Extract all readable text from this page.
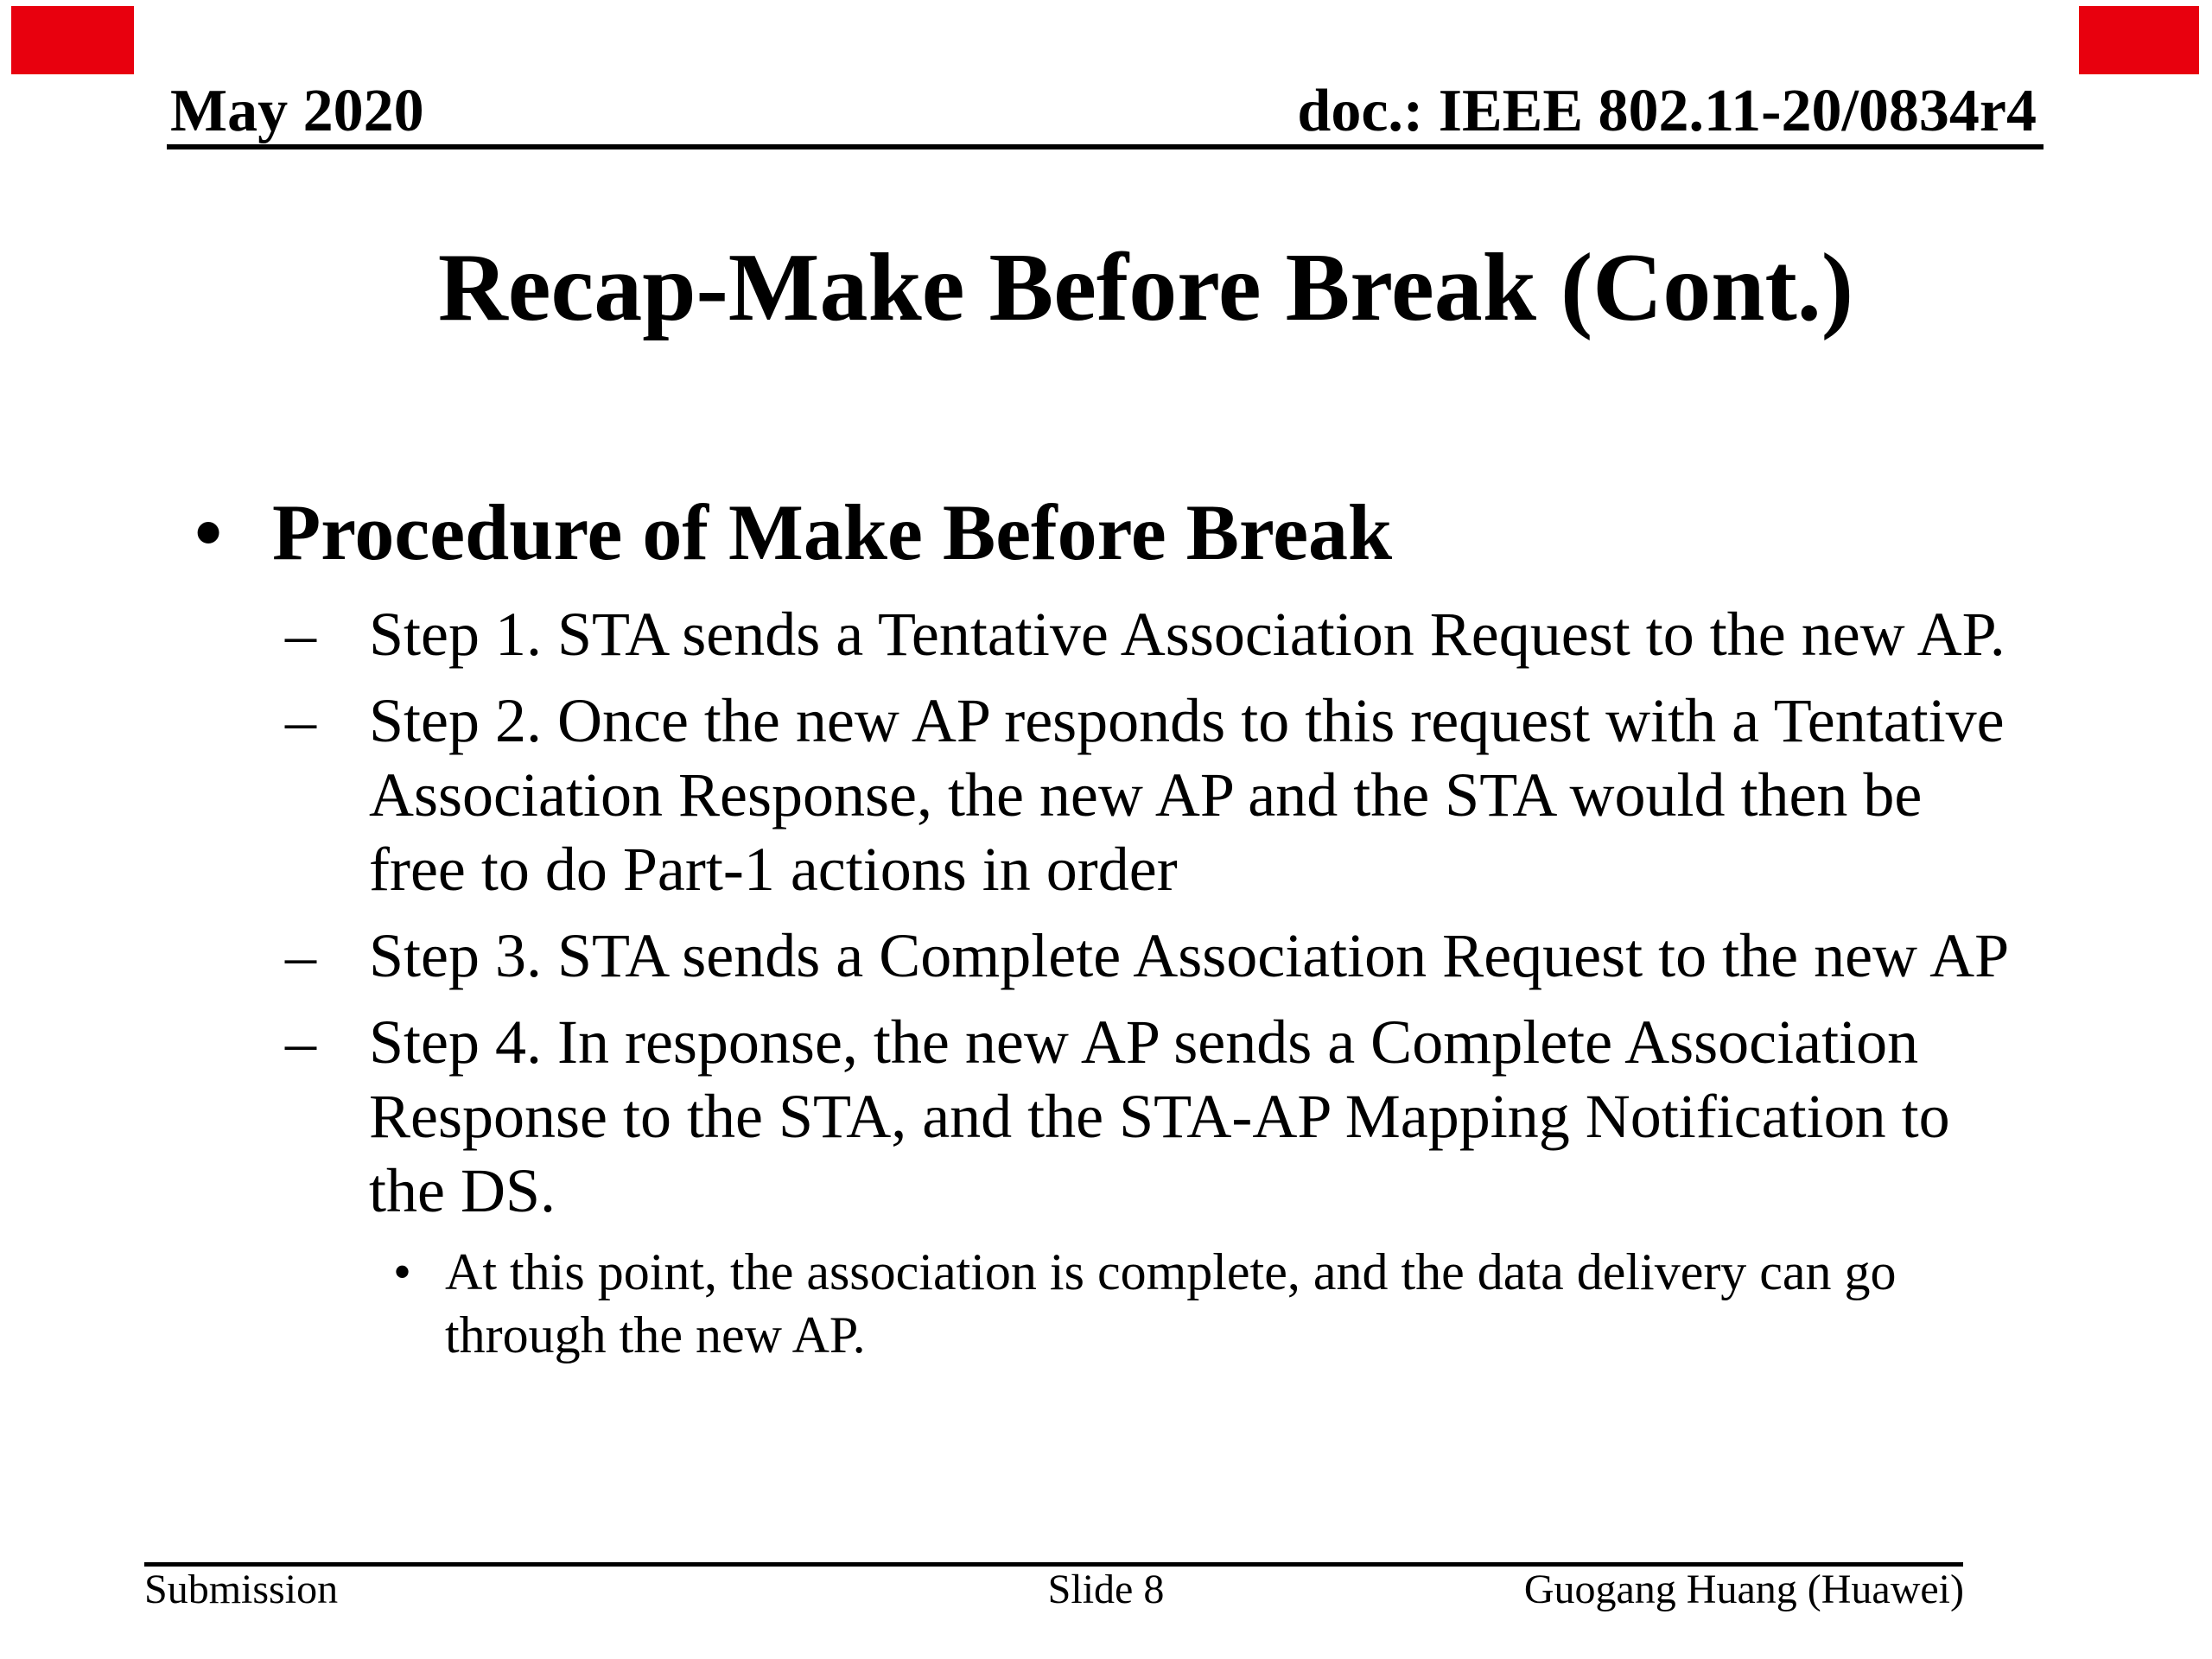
May 2020	doc.: IEEE 802.11-20/0834r4
Recap-Make Before Break (Cont.)
• Procedure of Make Before Break
– Step 1. STA sends a Tentative Association Request to the new AP.
– Step 2. Once the new AP responds to this request with a Tentative
Association Response, the new AP and the STA would then be
free to do Part-1 actions in order
– Step 3. STA sends a Complete Association Request to the new AP
– Step 4. In response, the new AP sends a Complete Association
Response to the STA, and the STA-AP Mapping Notification to
the DS.
• At this point, the association is complete, and the data delivery can go
through the new AP.
Submission	Slide 8	Guogang Huang (Huawei)
